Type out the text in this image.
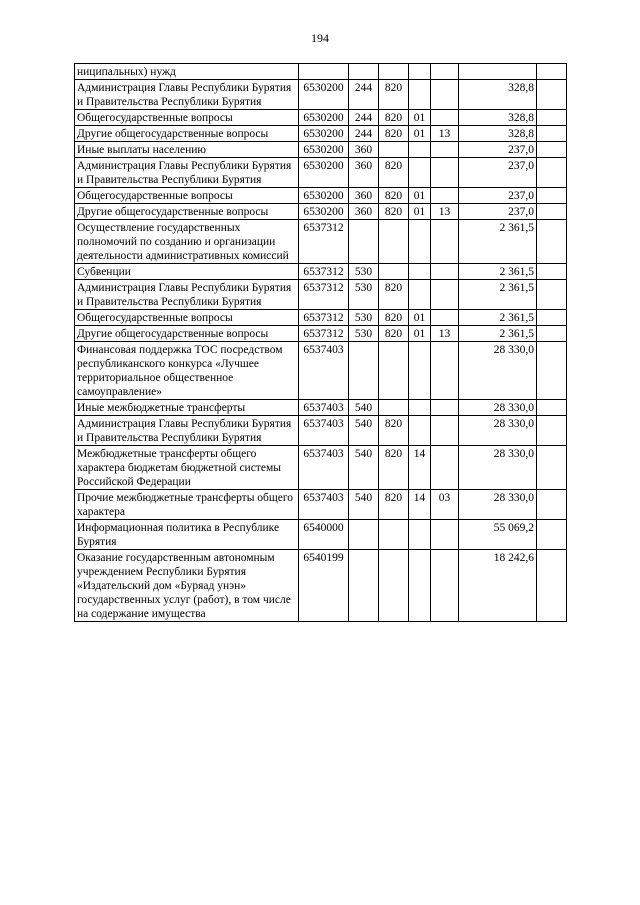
194
ниципальных) нужд							
Администрация Главы Республики Бурятия и Правительства Республики Бурятия	6530200	244	820			328,8	
Общегосударственные вопросы	6530200	244	820	01		328,8	
Другие общегосударственные вопросы	6530200	244	820	01	13	328,8	
Иные выплаты населению	6530200	360				237,0	
Администрация Главы Республики Бурятия и Правительства Республики Бурятия	6530200	360	820			237,0	
Общегосударственные вопросы	6530200	360	820	01		237,0	
Другие общегосударственные вопросы	6530200	360	820	01	13	237,0	
Осуществление государственных полномочий по созданию и организации деятельности административных комиссий	6537312					2 361,5	
Субвенции	6537312	530				2 361,5	
Администрация Главы Республики Бурятия и Правительства Республики Бурятия	6537312	530	820			2 361,5	
Общегосударственные вопросы	6537312	530	820	01		2 361,5	
Другие общегосударственные вопросы	6537312	530	820	01	13	2 361,5	
Финансовая поддержка ТОС посредством республиканского конкурса «Лучшее территориальное общественное самоуправление»	6537403					28 330,0	
Иные межбюджетные трансферты	6537403	540				28 330,0	
Администрация Главы Республики Бурятия и Правительства Республики Бурятия	6537403	540	820			28 330,0	
Межбюджетные трансферты общего характера бюджетам бюджетной системы Российской Федерации	6537403	540	820	14		28 330,0	
Прочие межбюджетные трансферты общего характера	6537403	540	820	14	03	28 330,0	
Информационная политика в Республике Бурятия	6540000					55 069,2	
Оказание государственным автономным учреждением Республики Бурятия «Издательский дом «Буряад унэн» государственных услуг (работ), в том числе на содержание имущества	6540199					18 242,6	
